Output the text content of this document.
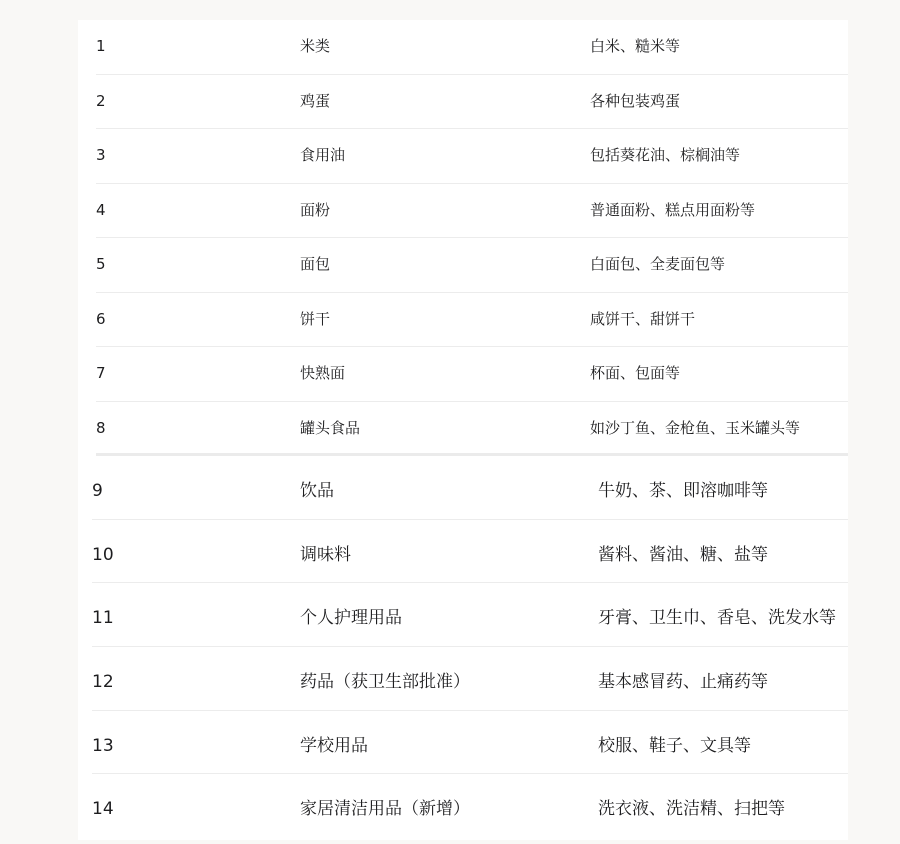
1	米类	白米、糙米等
2	鸡蛋	各种包装鸡蛋
3	食用油	包括葵花油、棕榈油等
4	面粉	普通面粉、糕点用面粉等
5	面包	白面包、全麦面包等
6	饼干	咸饼干、甜饼干
7	快熟面	杯面、包面等
8	罐头食品	如沙丁鱼、金枪鱼、玉米罐头等
9	饮品	牛奶、茶、即溶咖啡等
10	调味料	酱料、酱油、糖、盐等
11	个人护理用品	牙膏、卫生巾、香皂、洗发水等
12	药品（获卫生部批准）	基本感冒药、止痛药等
13	学校用品	校服、鞋子、文具等
14	家居清洁用品（新增）	洗衣液、洗洁精、扫把等
